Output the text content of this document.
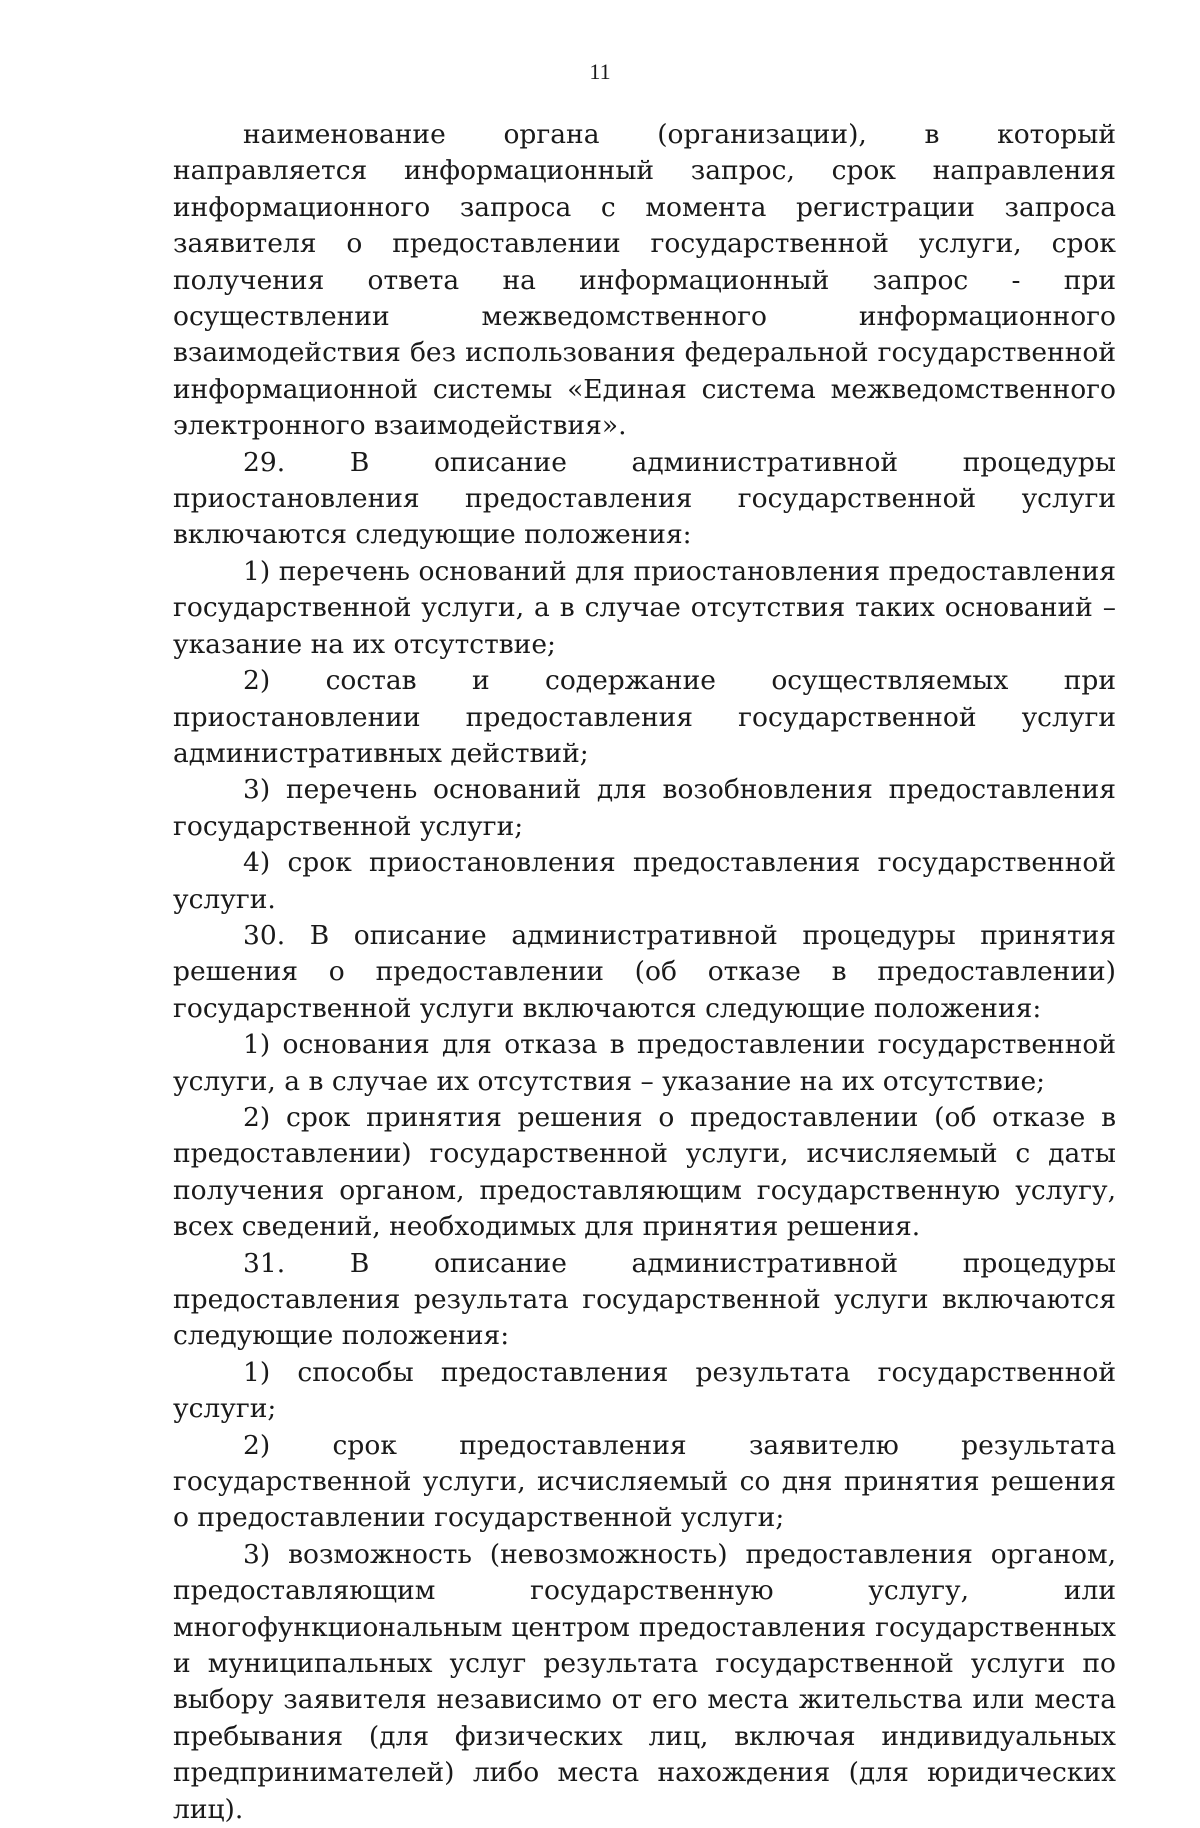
11

наименование органа (организации), в который направляется информационный запрос, срок направления информационного запроса с момента регистрации запроса заявителя о предоставлении государственной услуги, срок получения ответа на информационный запрос - при осуществлении межведомственного информационного взаимодействия без использования федеральной государственной информационной системы «Единая система межведомственного электронного взаимодействия».

29. В описание административной процедуры приостановления предоставления государственной услуги включаются следующие положения:

1) перечень оснований для приостановления предоставления государственной услуги, а в случае отсутствия таких оснований – указание на их отсутствие;

2) состав и содержание осуществляемых при приостановлении предоставления государственной услуги административных действий;

3) перечень оснований для возобновления предоставления государственной услуги;

4) срок приостановления предоставления государственной услуги.

30. В описание административной процедуры принятия решения о предоставлении (об отказе в предоставлении) государственной услуги включаются следующие положения:

1) основания для отказа в предоставлении государственной услуги, а в случае их отсутствия – указание на их отсутствие;

2) срок принятия решения о предоставлении (об отказе в предоставлении) государственной услуги, исчисляемый с даты получения органом, предоставляющим государственную услугу, всех сведений, необходимых для принятия решения.

31. В описание административной процедуры предоставления результата государственной услуги включаются следующие положения:

1) способы предоставления результата государственной услуги;

2) срок предоставления заявителю результата государственной услуги, исчисляемый со дня принятия решения о предоставлении государственной услуги;

3) возможность (невозможность) предоставления органом, предоставляющим государственную услугу, или многофункциональным центром предоставления государственных и муниципальных услуг результата государственной услуги по выбору заявителя независимо от его места жительства или места пребывания (для физических лиц, включая индивидуальных предпринимателей) либо места нахождения (для юридических лиц).
